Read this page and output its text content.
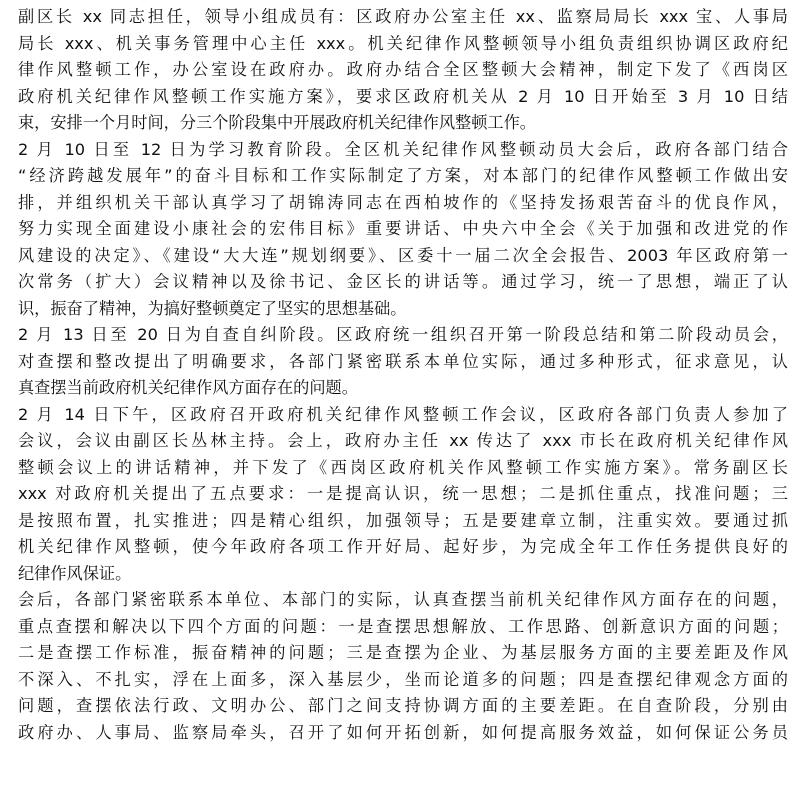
副区长 xx 同志担任，领导小组成员有：区政府办公室主任 xx、监察局局长 xxx 宝、人事局
局长 xxx、机关事务管理中心主任 xxx。机关纪律作风整顿领导小组负责组织协调区政府纪
律作风整顿工作，办公室设在政府办。政府办结合全区整顿大会精神，制定下发了《西岗区
政府机关纪律作风整顿工作实施方案》，要求区政府机关从 2 月 10 日开始至 3 月 10 日结
束，安排一个月时间，分三个阶段集中开展政府机关纪律作风整顿工作。
2 月 10 日至 12 日为学习教育阶段。全区机关纪律作风整顿动员大会后，政府各部门结合
“经济跨越发展年”的奋斗目标和工作实际制定了方案，对本部门的纪律作风整顿工作做出安
排，并组织机关干部认真学习了胡锦涛同志在西柏坡作的《坚持发扬艰苦奋斗的优良作风，
努力实现全面建设小康社会的宏伟目标》重要讲话、中央六中全会《关于加强和改进党的作
风建设的决定》、《建设“大大连”规划纲要》、区委十一届二次全会报告、2003 年区政府第一
次常务（扩大）会议精神以及徐书记、金区长的讲话等。通过学习，统一了思想，端正了认
识，振奋了精神，为搞好整顿奠定了坚实的思想基础。
2 月 13 日至 20 日为自查自纠阶段。区政府统一组织召开第一阶段总结和第二阶段动员会，
对查摆和整改提出了明确要求，各部门紧密联系本单位实际，通过多种形式，征求意见，认
真查摆当前政府机关纪律作风方面存在的问题。
2 月 14 日下午，区政府召开政府机关纪律作风整顿工作会议，区政府各部门负责人参加了
会议，会议由副区长丛林主持。会上，政府办主任 xx 传达了 xxx 市长在政府机关纪律作风
整顿会议上的讲话精神，并下发了《西岗区政府机关作风整顿工作实施方案》。常务副区长
xxx 对政府机关提出了五点要求：一是提高认识，统一思想；二是抓住重点，找准问题；三
是按照布置，扎实推进；四是精心组织，加强领导；五是要建章立制，注重实效。要通过抓
机关纪律作风整顿，使今年政府各项工作开好局、起好步，为完成全年工作任务提供良好的
纪律作风保证。
会后，各部门紧密联系本单位、本部门的实际，认真查摆当前机关纪律作风方面存在的问题，
重点查摆和解决以下四个方面的问题：一是查摆思想解放、工作思路、创新意识方面的问题；
二是查摆工作标准，振奋精神的问题；三是查摆为企业、为基层服务方面的主要差距及作风
不深入、不扎实，浮在上面多，深入基层少，坐而论道多的问题；四是查摆纪律观念方面的
问题，查摆依法行政、文明办公、部门之间支持协调方面的主要差距。在自查阶段，分别由
政府办、人事局、监察局牵头，召开了如何开拓创新，如何提高服务效益，如何保证公务员
